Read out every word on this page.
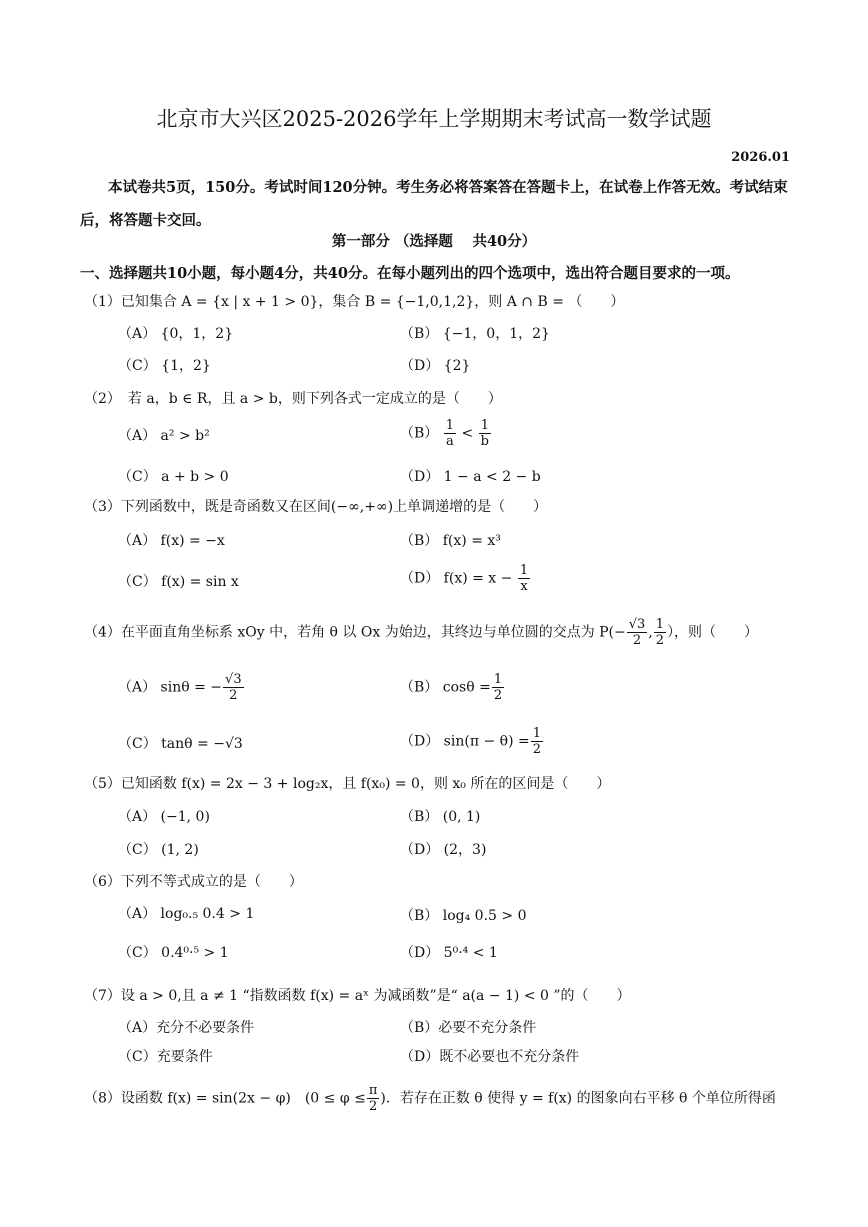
北京市大兴区2025-2026学年上学期期末考试高一数学试题
2026.01
本试卷共5页，150分。考试时间120分钟。考生务必将答案答在答题卡上，在试卷上作答无效。考试结束后，将答题卡交回。
第一部分 （选择题　 共40分）
一、选择题共10小题，每小题4分，共40分。在每小题列出的四个选项中，选出符合题目要求的一项。
（1）已知集合 A = {x | x + 1 > 0}，集合 B = {−1,0,1,2}，则 A ∩ B = （　　）
（A） {0，1，2}	（B） {−1，0，1，2}
（C） {1，2}	（D） {2}
（2）　若 a，b ∈ R，且 a > b，则下列各式一定成立的是（　　）
（A） a² > b²	$(B) \frac{1}{a} < \frac{1}{b}$
（C） a + b > 0	（D） 1 − a < 2 − b
（3）下列函数中，既是奇函数又在区间(−∞,+∞)上单调递增的是（　　）
（A） f(x) = −x	（B） f(x) = x³
（C） f(x) = sin x	（D） $f(x) = x - \frac{1}{x}$
（4）在平面直角坐标系 xOy 中，若角 θ 以 Ox 为始边，其终边与单位圆的交点为 $P(- \frac{√3}{2}$ , $\frac{1}{2}$ ），则（　　）
（A） sinθ = − $\frac{√3}{2}$	（B） $\cos\theta = \frac{1}{2}$
（C） tanθ = −√3	（D） $\sin(\pi - \theta) = \frac{1}{2}$
（5）已知函数 f(x) = 2x − 3 + log₂x，且 f(x₀) = 0，则 x₀ 所在的区间是（　　）
（A） (−1, 0)	（B） (0, 1)
（C） (1, 2)	（D） (2，3)
（6）下列不等式成立的是（　　）
（A） log₀.₅ 0.4 > 1	（B） log₄ 0.5 > 0
（C） 0.4⁰·⁵ > 1	（D） 5⁰·⁴ < 1
（7）设 a > 0,且 a ≠ 1 “指数函数 f(x) = aˣ 为减函数”是“ a(a − 1) < 0 ”的（　　）
（A）充分不必要条件	（B）必要不充分条件
（C）充要条件	（D）既不必要也不充分条件
（8）设函数 f(x) = sin(2x − φ)　($0 \le \varphi \le \frac{\pi}{2}$ )．若存在正数 θ 使得 y = f(x) 的图象向右平移 θ 个单位所得函
